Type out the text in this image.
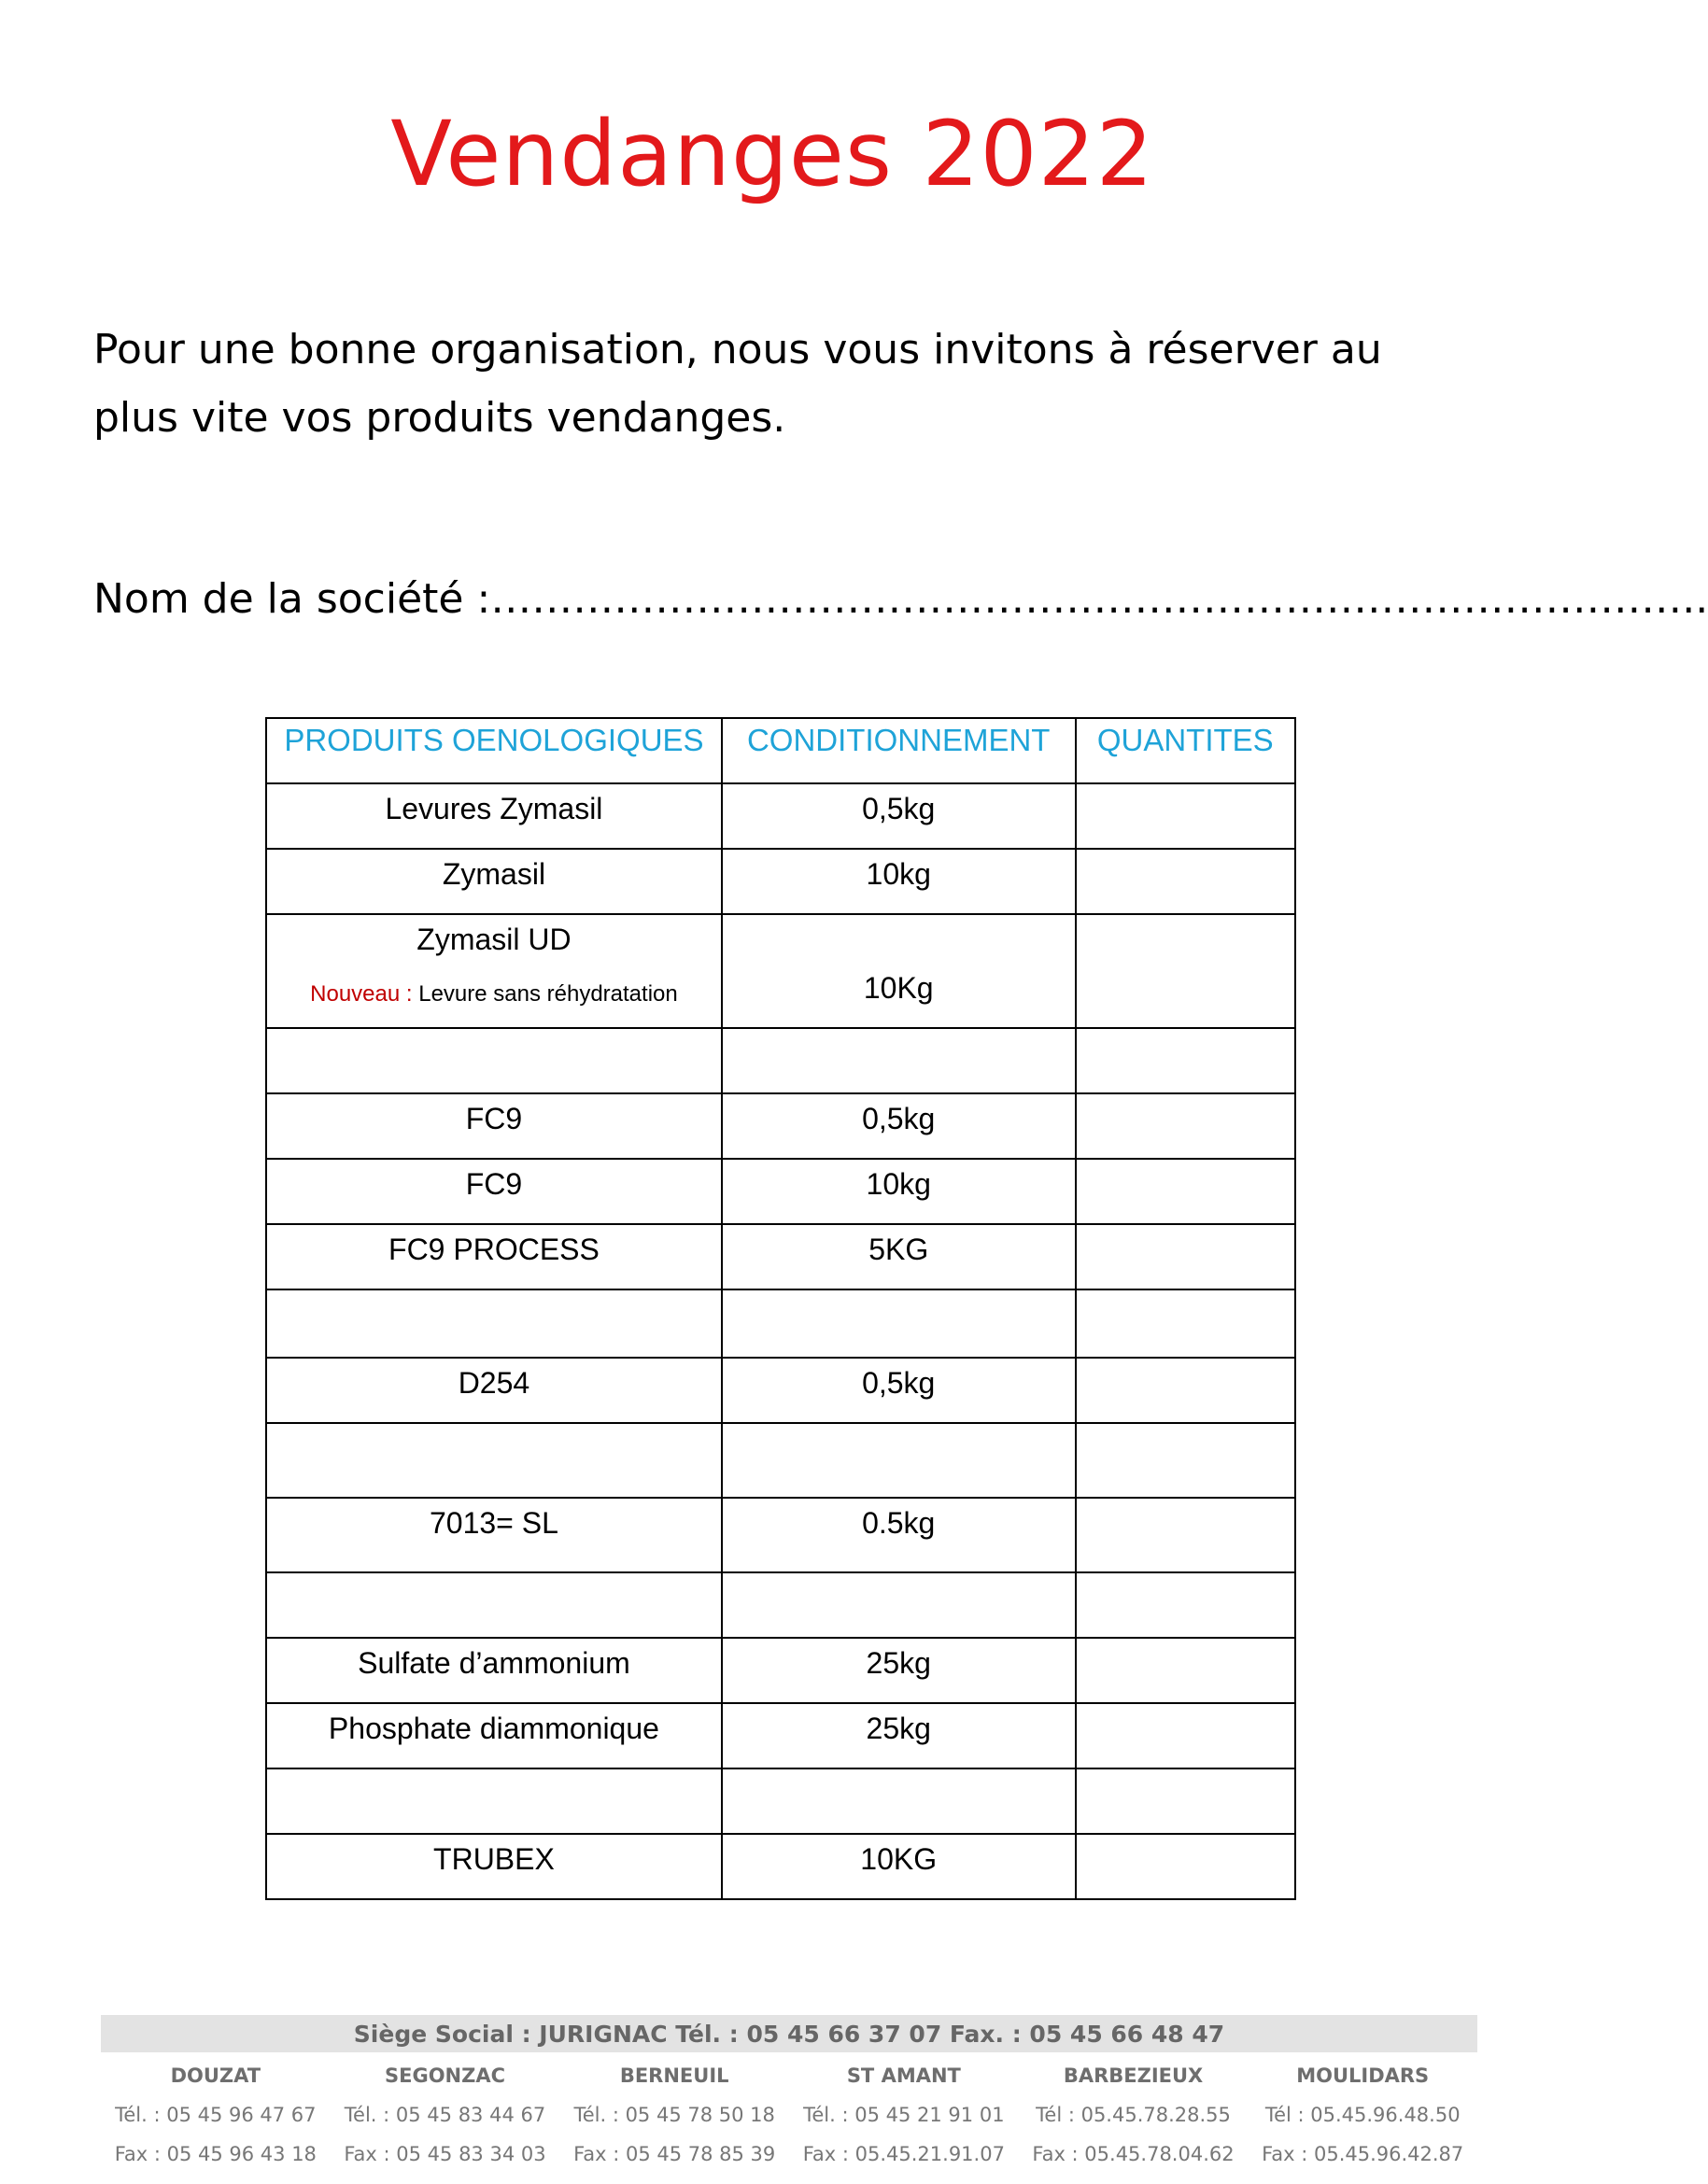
Vendanges 2022
Pour une bonne organisation, nous vous invitons à réserver au plus vite vos produits vendanges.
Nom de la société :……………………………………………………………………………..
PRODUITS OENOLOGIQUES	CONDITIONNEMENT	QUANTITES
Levures Zymasil	0,5kg	
Zymasil	10kg	
Zymasil UD
Nouveau : Levure sans réhydratation	10Kg	

FC9	0,5kg	
FC9	10kg	
FC9 PROCESS	5KG	

D254	0,5kg	

7013= SL	0.5kg	

Sulfate d’ammonium	25kg	
Phosphate diammonique	25kg	

TRUBEX	10KG	
Siège Social : JURIGNAC Tél. : 05 45 66 37 07 Fax. : 05 45 66 48 47
DOUZAT
Tél. : 05 45 96 47 67
Fax : 05 45 96 43 18
SEGONZAC
Tél. : 05 45 83 44 67
Fax : 05 45 83 34 03
BERNEUIL
Tél. : 05 45 78 50 18
Fax : 05 45 78 85 39
ST AMANT
Tél. : 05 45 21 91 01
Fax : 05.45.21.91.07
BARBEZIEUX
Tél : 05.45.78.28.55
Fax : 05.45.78.04.62
MOULIDARS
Tél : 05.45.96.48.50
Fax : 05.45.96.42.87
